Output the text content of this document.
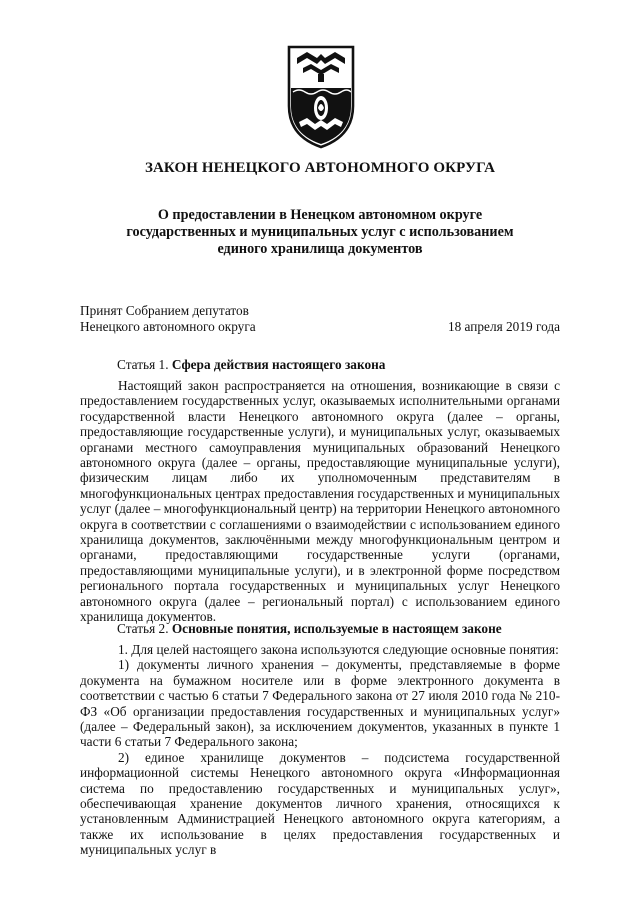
ЗАКОН НЕНЕЦКОГО АВТОНОМНОГО ОКРУГА
О предоставлении в Ненецком автономном округе
государственных и муниципальных услуг с использованием
единого хранилища документов
Принят Собранием депутатов
Ненецкого автономного округа	18 апреля 2019 года
Статья 1. Сфера действия настоящего закона

Настоящий закон распространяется на отношения, возникающие в связи с предоставлением государственных услуг, оказываемых исполнительными органами государственной власти Ненецкого автономного округа (далее – органы, предоставляющие государственные услуги), и муниципальных услуг, оказываемых органами местного самоуправления муниципальных образований Ненецкого автономного округа (далее – органы, предоставляющие муниципальные услуги), физическим лицам либо их уполномоченным представителям в многофункциональных центрах предоставления государственных и муниципальных услуг (далее – многофункциональный центр) на территории Ненецкого автономного округа в соответствии с соглашениями о взаимодействии с использованием единого хранилища документов, заключёнными между многофункциональным центром и органами, предоставляющими государственные услуги (органами, предоставляющими муниципальные услуги), и в электронной форме посредством регионального портала государственных и муниципальных услуг Ненецкого автономного округа (далее – региональный портал) с использованием единого хранилища документов.

Статья 2. Основные понятия, используемые в настоящем законе

1. Для целей настоящего закона используются следующие основные понятия:

1) документы личного хранения – документы, представляемые в форме документа на бумажном носителе или в форме электронного документа в соответствии с частью 6 статьи 7 Федерального закона от 27 июля 2010 года № 210-ФЗ «Об организации предоставления государственных и муниципальных услуг» (далее – Федеральный закон), за исключением документов, указанных в пункте 1 части 6 статьи 7 Федерального закона;

2) единое хранилище документов – подсистема государственной информационной системы Ненецкого автономного округа «Информационная система по предоставлению государственных и муниципальных услуг», обеспечивающая хранение документов личного хранения, относящихся к установленным Администрацией Ненецкого автономного округа категориям, а также их использование в целях предоставления государственных и муниципальных услуг в
